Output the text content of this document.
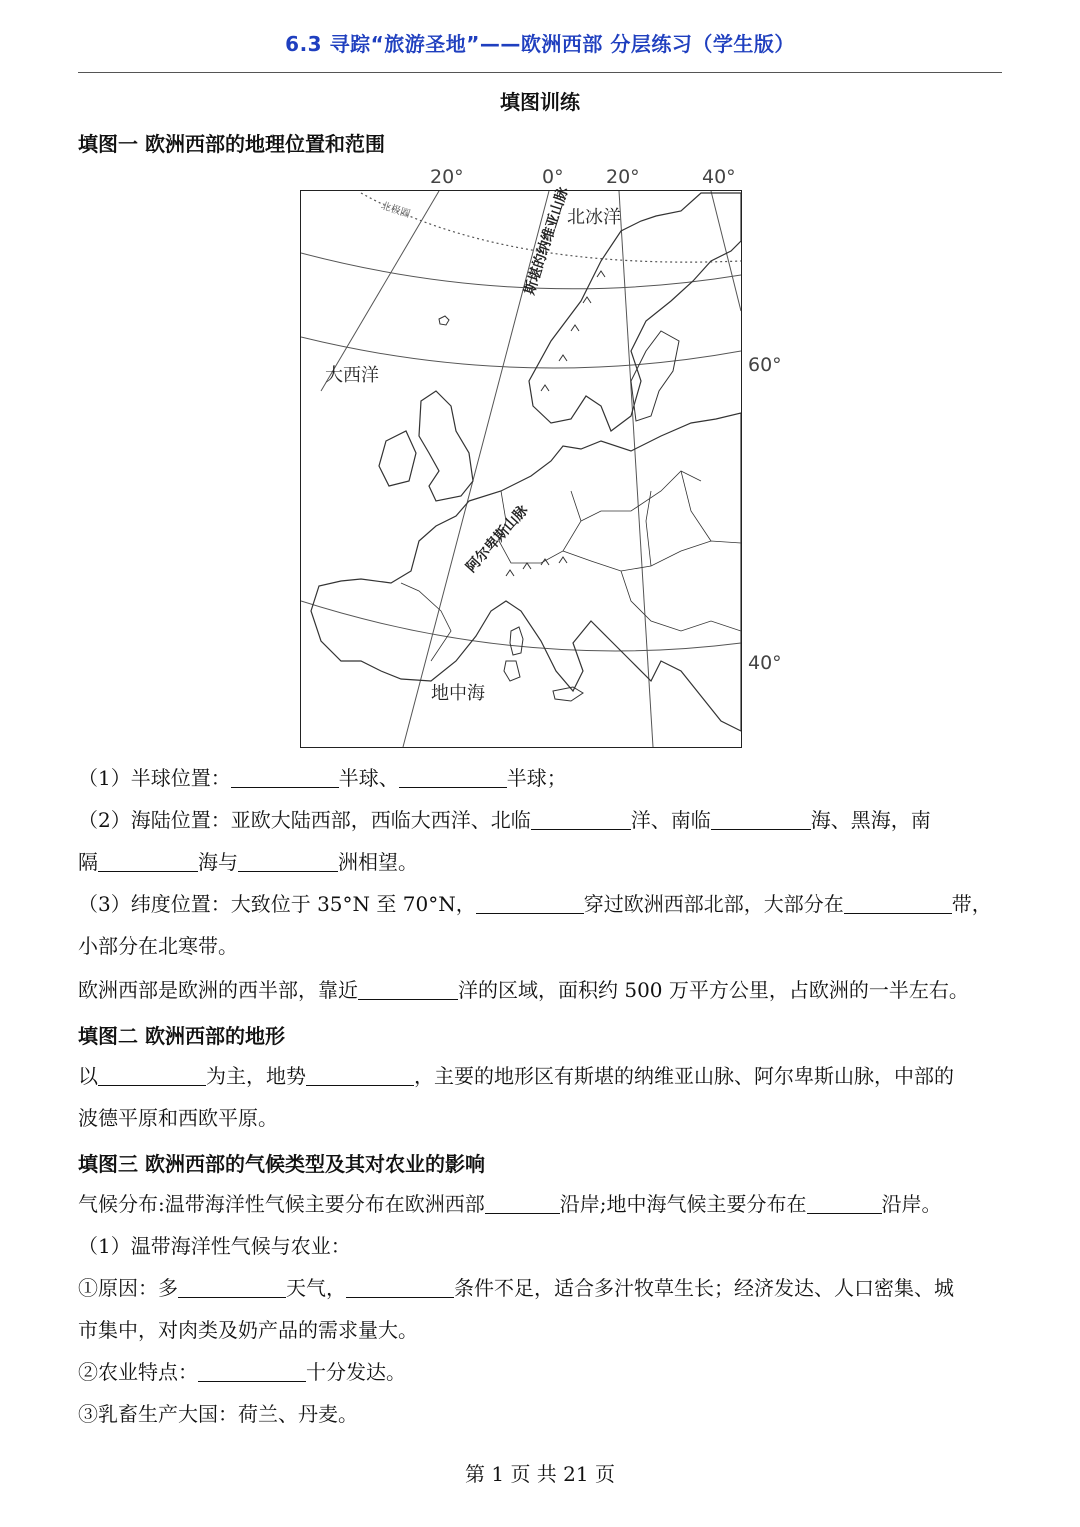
6.3 寻踪“旅游圣地”——欧洲西部 分层练习（学生版）
填图训练
填图一 欧洲西部的地理位置和范围
20°	0° 20°	40°
北极圈	北冰洋
大西洋
地中海
斯堪的纳维亚山脉
阿尔卑斯山脉
60°
40°
（1）半球位置：	半球、	半球；
（2）海陆位置：亚欧大陆西部，西临大西洋、北临	洋、南临	海、黑海，南
隔	海与	洲相望。
（3）纬度位置：大致位于 35°N 至 70°N，	穿过欧洲西部北部，大部分在	带，
小部分在北寒带。
欧洲西部是欧洲的西半部，靠近	洋的区域，面积约 500 万平方公里，占欧洲的一半左右。
填图二 欧洲西部的地形
以	为主，地势	，主要的地形区有斯堪的纳维亚山脉、阿尔卑斯山脉，中部的
波德平原和西欧平原。
填图三 欧洲西部的气候类型及其对农业的影响
气候分布:温带海洋性气候主要分布在欧洲西部	沿岸;地中海气候主要分布在	沿岸。
（1）温带海洋性气候与农业：
①原因：多	天气，	条件不足，适合多汁牧草生长；经济发达、人口密集、城
市集中，对肉类及奶产品的需求量大。
②农业特点：	十分发达。
③乳畜生产大国：荷兰、丹麦。
第 1 页 共 21 页
